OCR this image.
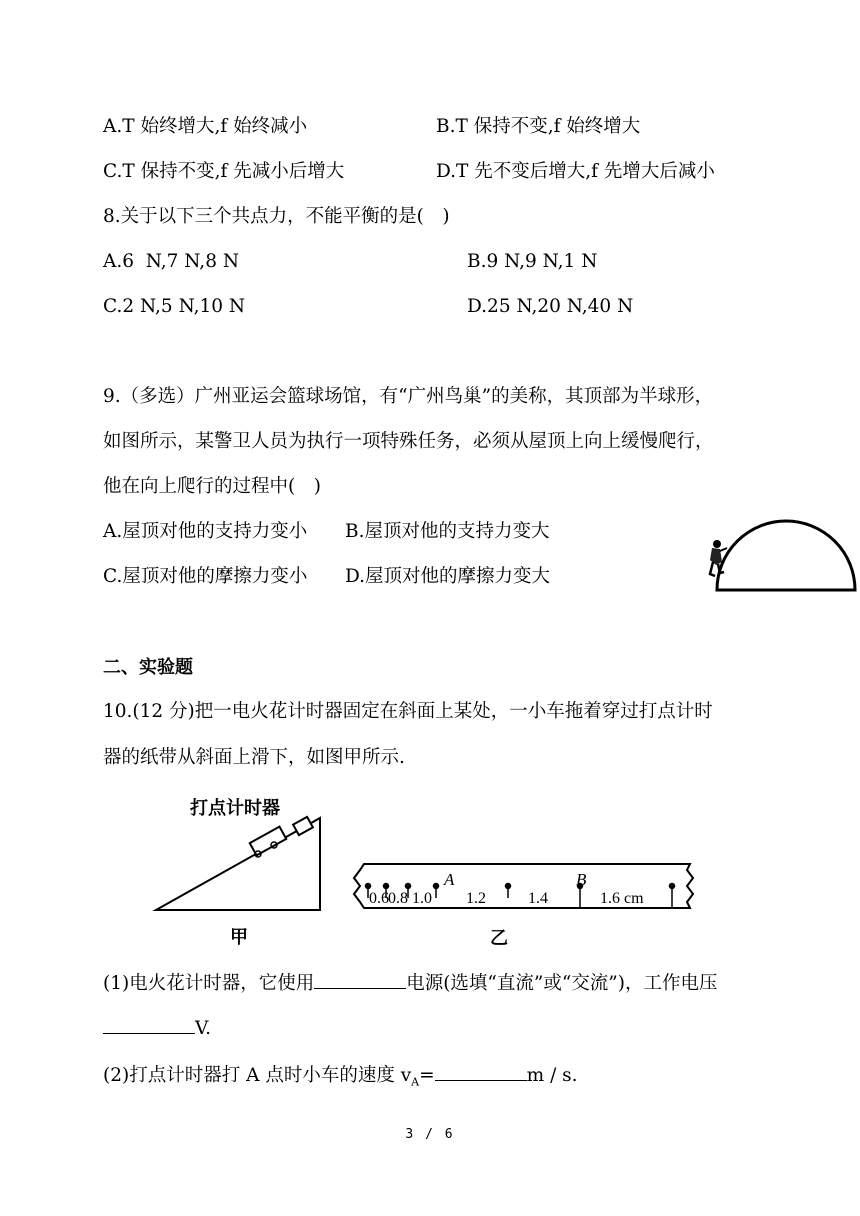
A.T 始终增大,f 始终减小	B.T 保持不变,f 始终增大
C.T 保持不变,f 先减小后增大	D.T 先不变后增大,f 先增大后减小
8.关于以下三个共点力，不能平衡的是(　)
A.6  N,7 N,8 N	B.9 N,9 N,1 N
C.2 N,5 N,10 N	D.25 N,20 N,40 N
9.（多选）广州亚运会篮球场馆，有“广州鸟巢”的美称，其顶部为半球形，
如图所示，某警卫人员为执行一项特殊任务，必须从屋顶上向上缓慢爬行，
他在向上爬行的过程中(　)
A.屋顶对他的支持力变小 B.屋顶对他的支持力变大
C.屋顶对他的摩擦力变小 D.屋顶对他的摩擦力变大
二、实验题
10.(12 分)把一电火花计时器固定在斜面上某处，一小车拖着穿过打点计时
器的纸带从斜面上滑下，如图甲所示.
打点计时器
甲
A	B
0.6 0.8 1.0 1.2	1.4	1.6 cm
乙
(1)电火花计时器，它使用	电源(选填“直流”或“交流”)，工作电压
V.
(2)打点计时器打 A 点时小车的速度 $v_A=$	m / s.
3 / 6
